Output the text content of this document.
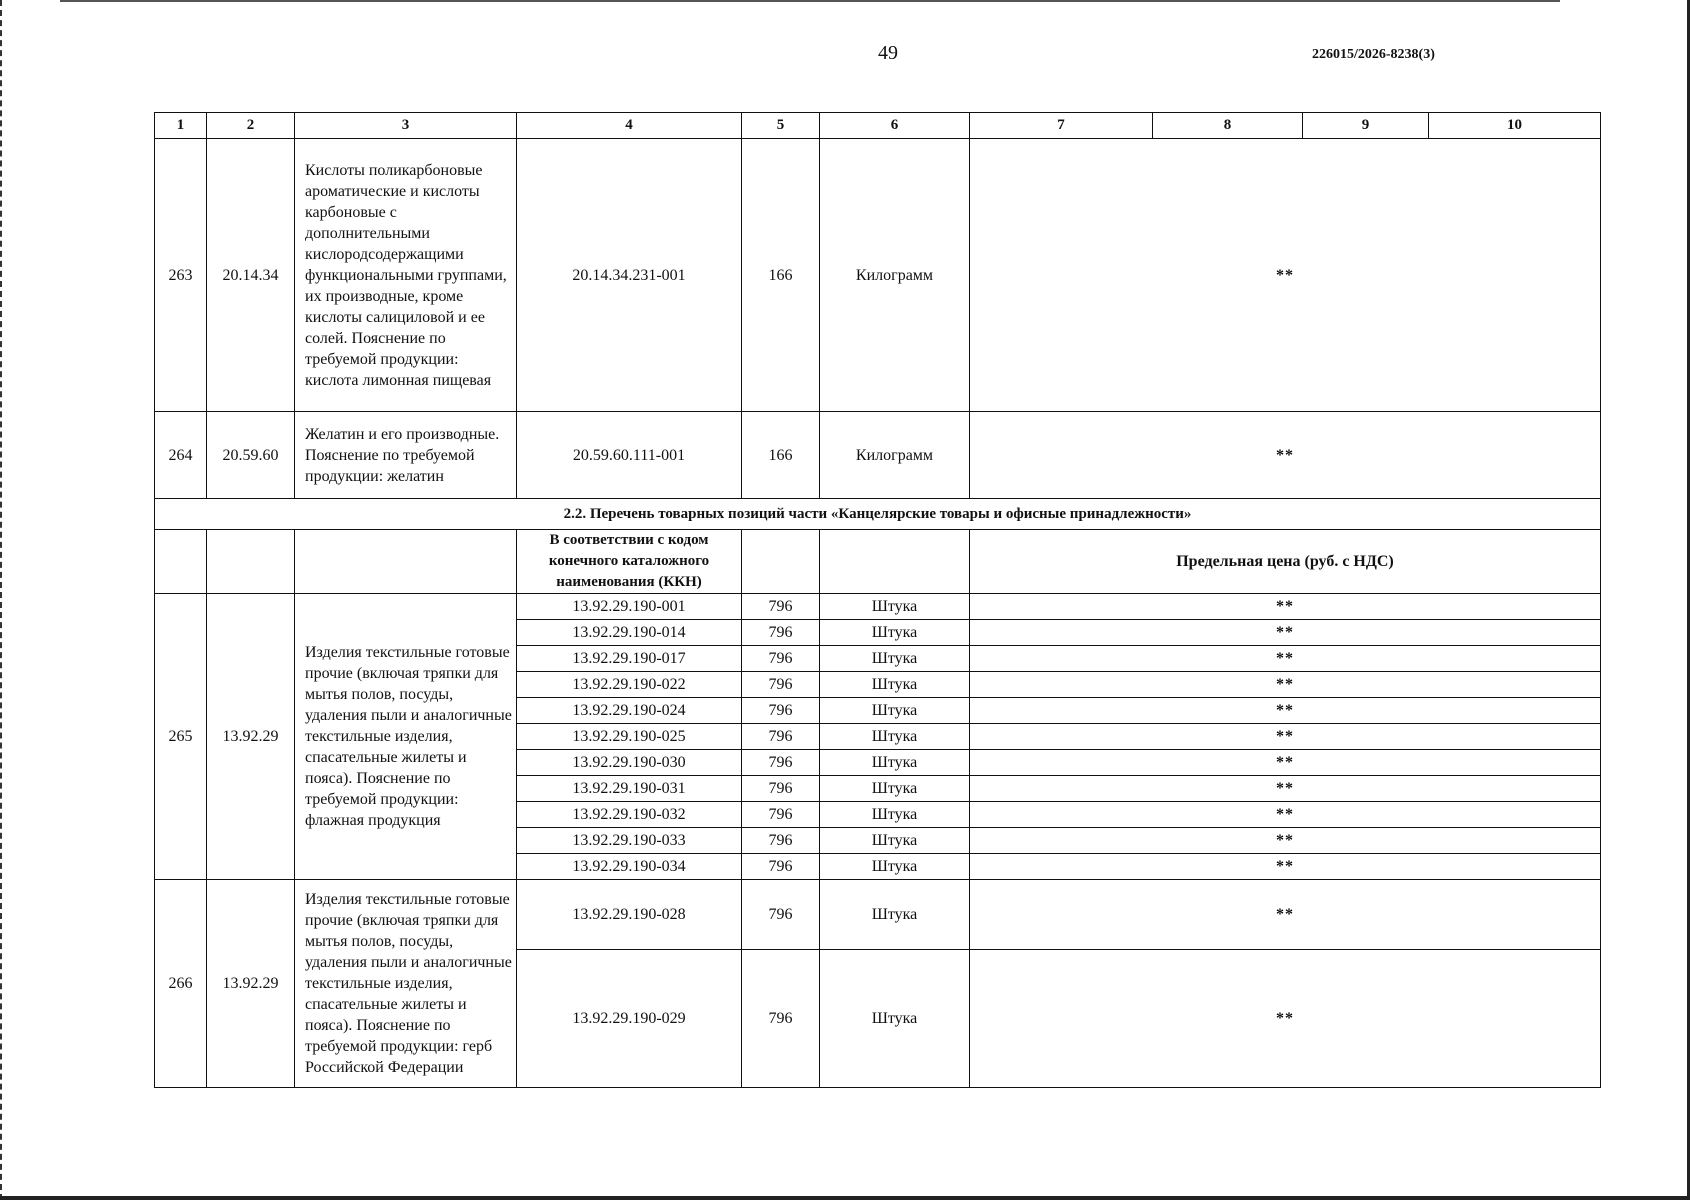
49	226015/2026-8238(3)
1	2	3	4	5	6	7	8	9	10
263	20.14.34	Кислоты поликарбоновые ароматические и кислоты карбоновые с дополнительными кислородсодержащими функциональными группами, их производные, кроме кислоты салициловой и ее солей. Пояснение по требуемой продукции: кислота лимонная пищевая	20.14.34.231-001	166	Килограмм	**			
264	20.59.60	Желатин и его производные. Пояснение по требуемой продукции: желатин	20.59.60.111-001	166	Килограмм	**			
2.2. Перечень товарных позиций части «Канцелярские товары и офисные принадлежности»									
			В соответствии с кодом конечного каталожного наименования (ККН)			Предельная цена (руб. с НДС)			
265	13.92.29	Изделия текстильные готовые прочие (включая тряпки для мытья полов, посуды, удаления пыли и аналогичные текстильные изделия, спасательные жилеты и пояса). Пояснение по требуемой продукции: флажная продукция	13.92.29.190-001	796	Штука	**			
			13.92.29.190-014	796	Штука	**			
			13.92.29.190-017	796	Штука	**			
			13.92.29.190-022	796	Штука	**			
			13.92.29.190-024	796	Штука	**			
			13.92.29.190-025	796	Штука	**			
			13.92.29.190-030	796	Штука	**			
			13.92.29.190-031	796	Штука	**			
			13.92.29.190-032	796	Штука	**			
			13.92.29.190-033	796	Штука	**			
			13.92.29.190-034	796	Штука	**			
266	13.92.29	Изделия текстильные готовые прочие (включая тряпки для мытья полов, посуды, удаления пыли и аналогичные текстильные изделия, спасательные жилеты и пояса). Пояснение по требуемой продукции: герб Российской Федерации	13.92.29.190-028	796	Штука	**			
			13.92.29.190-029	796	Штука	**			
